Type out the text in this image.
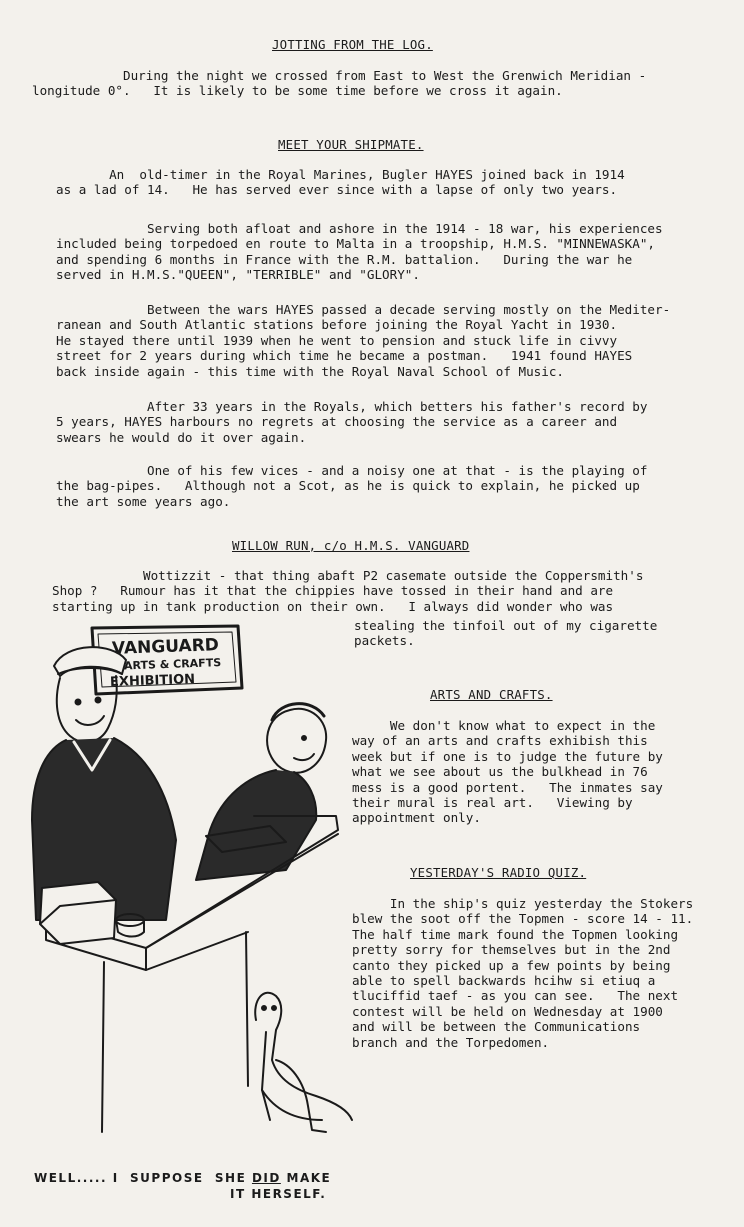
JOTTING FROM THE LOG.
During the night we crossed from East to West the Grenwich Meridian -
longitude 0°.   It is likely to be some time before we cross it again.
MEET YOUR SHIPMATE.
An  old-timer in the Royal Marines, Bugler HAYES joined back in 1914
as a lad of 14.   He has served ever since with a lapse of only two years.
Serving both afloat and ashore in the 1914 - 18 war, his experiences
included being torpedoed en route to Malta in a troopship, H.M.S. "MINNEWASKA",
and spending 6 months in France with the R.M. battalion.   During the war he
served in H.M.S."QUEEN", "TERRIBLE" and "GLORY".
Between the wars HAYES passed a decade serving mostly on the Mediter-
ranean and South Atlantic stations before joining the Royal Yacht in 1930.
He stayed there until 1939 when he went to pension and stuck life in civvy
street for 2 years during which time he became a postman.   1941 found HAYES
back inside again - this time with the Royal Naval School of Music.
After 33 years in the Royals, which betters his father's record by
5 years, HAYES harbours no regrets at choosing the service as a career and
swears he would do it over again.
One of his few vices - and a noisy one at that - is the playing of
the bag-pipes.   Although not a Scot, as he is quick to explain, he picked up
the art some years ago.
WILLOW RUN, c/o H.M.S. VANGUARD
Wottizzit - that thing abaft P2 casemate outside the Coppersmith's
Shop ?   Rumour has it that the chippies have tossed in their hand and are
starting up in tank production on their own.   I always did wonder who was
stealing the tinfoil out of my cigarette
packets.
ARTS AND CRAFTS.
We don't know what to expect in the
way of an arts and crafts exhibish this
week but if one is to judge the future by
what we see about us the bulkhead in 76
mess is a good portent.   The inmates say
their mural is real art.   Viewing by
appointment only.
YESTERDAY'S RADIO QUIZ.
In the ship's quiz yesterday the Stokers
blew the soot off the Topmen - score 14 - 11.
The half time mark found the Topmen looking
pretty sorry for themselves but in the 2nd
canto they picked up a few points by being
able to spell backwards hcihw si etiuq a
tluciffid taef - as you can see.   The next
contest will be held on Wednesday at 1900
and will be between the Communications
branch and the Torpedomen.
VANGUARD
ARTS & CRAFTS
EXHIBITION
WELL..... I  SUPPOSE  SHE DID MAKE
IT HERSELF.
